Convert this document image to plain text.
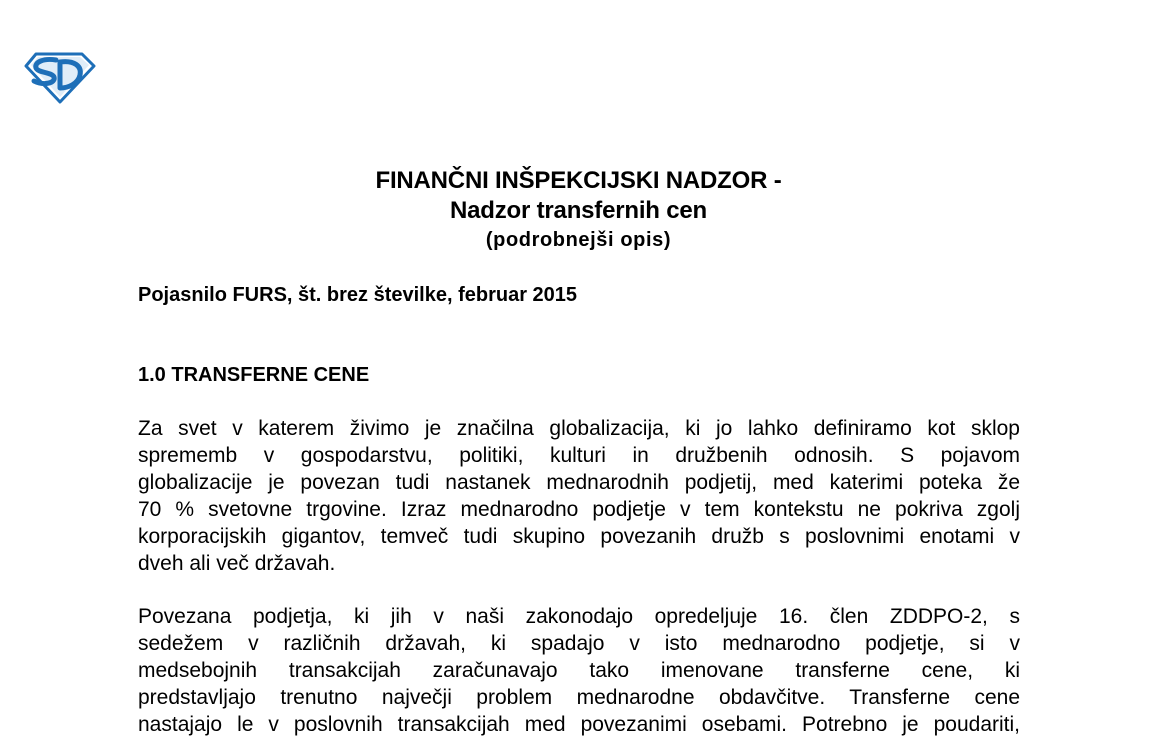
FINANČNI INŠPEKCIJSKI NADZOR -

Nadzor transfernih cen

(podrobnejši opis)

Pojasnilo FURS, št. brez številke, februar 2015

1.0 TRANSFERNE CENE

Za svet v katerem živimo je značilna globalizacija, ki jo lahko definiramo kot sklop
sprememb v gospodarstvu, politiki, kulturi in družbenih odnosih. S pojavom
globalizacije je povezan tudi nastanek mednarodnih podjetij, med katerimi poteka že
70 % svetovne trgovine. Izraz mednarodno podjetje v tem kontekstu ne pokriva zgolj
korporacijskih gigantov, temveč tudi skupino povezanih družb s poslovnimi enotami v
dveh ali več državah.
Povezana podjetja, ki jih v naši zakonodajo opredeljuje 16. člen ZDDPO-2, s
sedežem v različnih državah, ki spadajo v isto mednarodno podjetje, si v
medsebojnih transakcijah zaračunavajo tako imenovane transferne cene, ki
predstavljajo trenutno največji problem mednarodne obdavčitve. Transferne cene
nastajajo le v poslovnih transakcijah med povezanimi osebami. Potrebno je poudariti,
